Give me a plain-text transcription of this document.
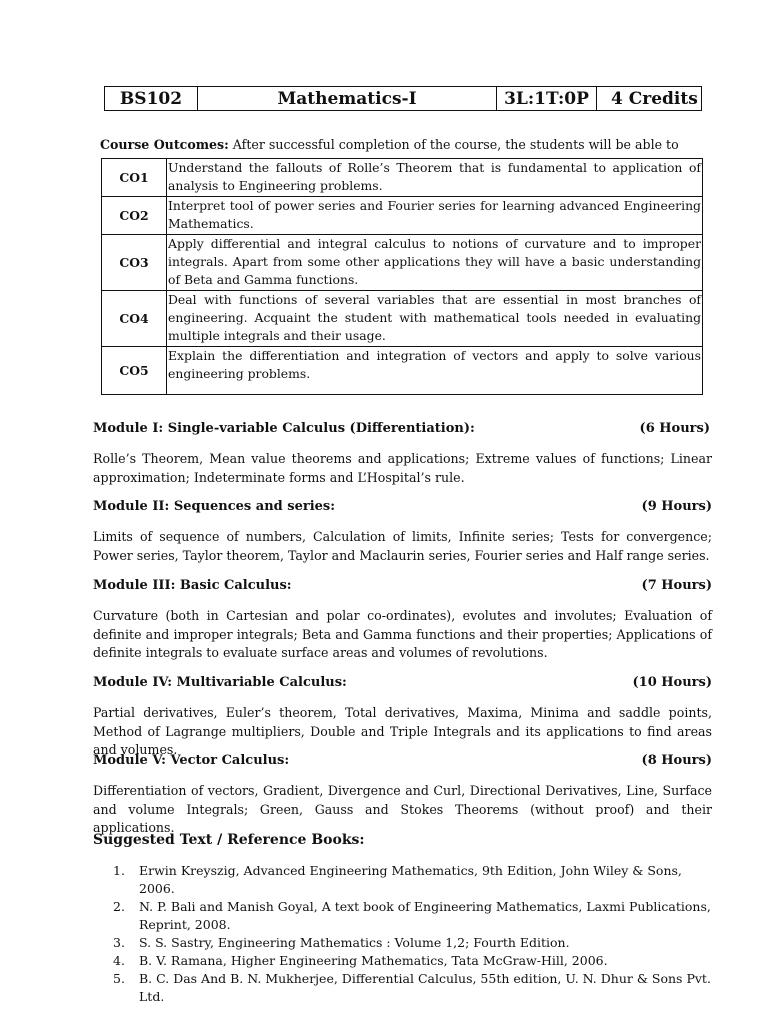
BS102	Mathematics-I	3L:1T:0P	4 Credits
Course Outcomes: After successful completion of the course, the students will be able to
CO1	Understand the fallouts of Rolle’s Theorem that is fundamental to application of analysis to Engineering problems.
CO2	Interpret tool of power series and Fourier series for learning advanced Engineering Mathematics.
CO3	Apply differential and integral calculus to notions of curvature and to improper integrals. Apart from some other applications they will have a basic understanding of Beta and Gamma functions.
CO4	Deal with functions of several variables that are essential in most branches of engineering. Acquaint the student with mathematical tools needed in evaluating multiple integrals and their usage.
CO5	Explain the differentiation and integration of vectors and apply to solve various engineering problems.
Module I: Single-variable Calculus (Differentiation):	(6 Hours)
Rolle’s Theorem, Mean value theorems and applications; Extreme values of functions; Linear approximation; Indeterminate forms and L’Hospital’s rule.
Module II: Sequences and series:	(9 Hours)
Limits of sequence of numbers, Calculation of limits, Infinite series; Tests for convergence; Power series, Taylor theorem, Taylor and Maclaurin series, Fourier series and Half range series.
Module III: Basic Calculus:	(7 Hours)
Curvature (both in Cartesian and polar co-ordinates), evolutes and involutes; Evaluation of definite and improper integrals; Beta and Gamma functions and their properties; Applications of definite integrals to evaluate surface areas and volumes of revolutions.
Module IV: Multivariable Calculus:	(10 Hours)
Partial derivatives, Euler’s theorem, Total derivatives, Maxima, Minima and saddle points, Method of Lagrange multipliers, Double and Triple Integrals and its applications to find areas and volumes.
Module V: Vector Calculus:	(8 Hours)
Differentiation of vectors, Gradient, Divergence and Curl, Directional Derivatives, Line, Surface and volume Integrals; Green, Gauss and Stokes Theorems (without proof) and their applications.
Suggested Text / Reference Books:
1.	Erwin Kreyszig, Advanced Engineering Mathematics, 9th Edition, John Wiley & Sons, 2006.
2.	N. P. Bali and Manish Goyal, A text book of Engineering Mathematics, Laxmi Publications, Reprint, 2008.
3.	S. S. Sastry, Engineering Mathematics : Volume 1,2; Fourth Edition.
4.	B. V. Ramana, Higher Engineering Mathematics, Tata McGraw-Hill, 2006.
5.	B. C. Das And B. N. Mukherjee, Differential Calculus, 55th edition, U. N. Dhur & Sons Pvt. Ltd.
